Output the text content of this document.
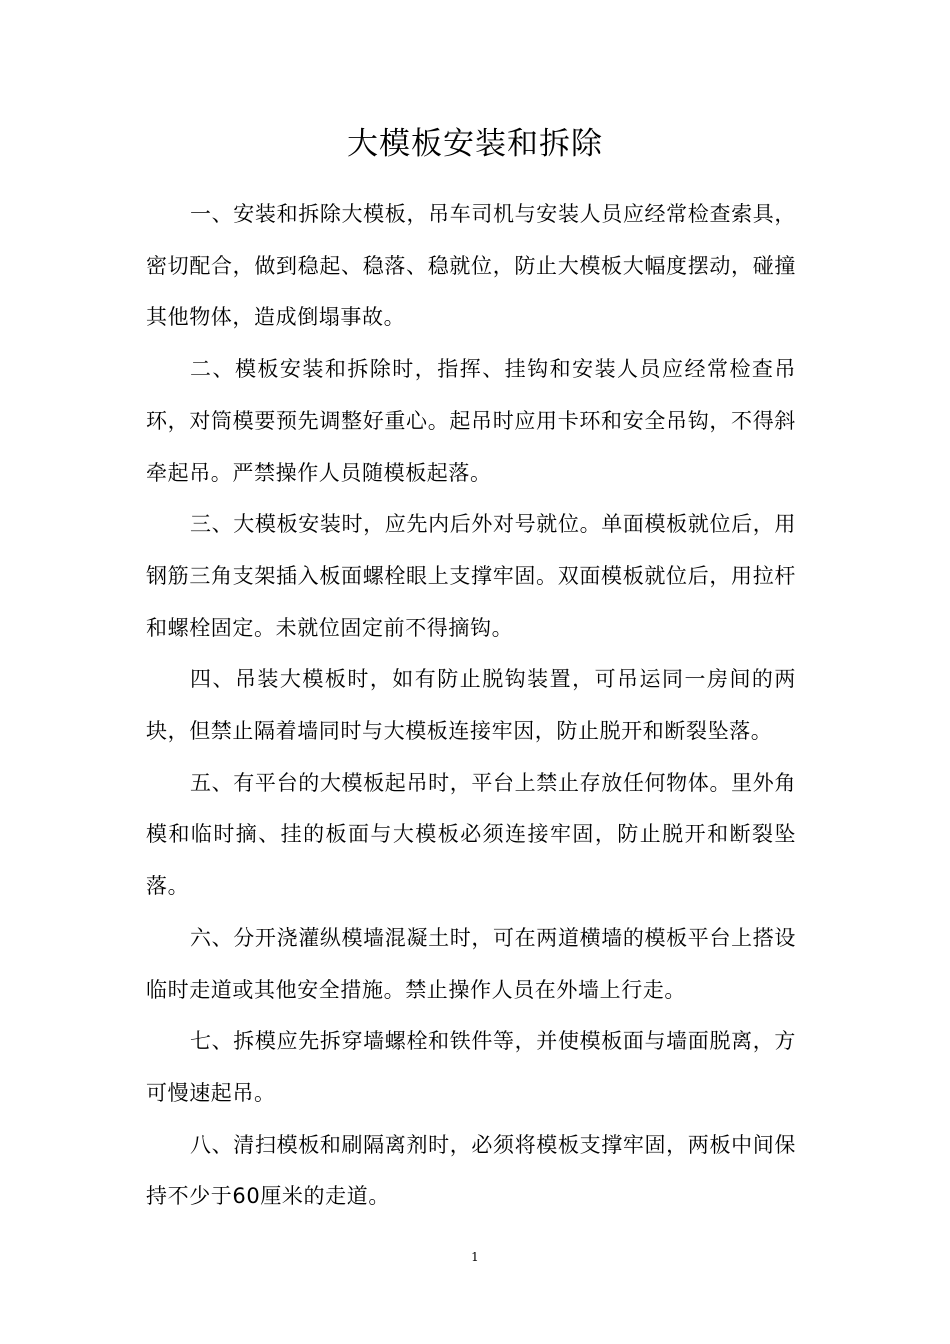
大模板安装和拆除

一、安装和拆除大模板，吊车司机与安装人员应经常检查索具，密切配合，做到稳起、稳落、稳就位，防止大模板大幅度摆动，碰撞其他物体，造成倒塌事故。

二、模板安装和拆除时，指挥、挂钩和安装人员应经常检查吊环，对筒模要预先调整好重心。起吊时应用卡环和安全吊钩，不得斜牵起吊。严禁操作人员随模板起落。

三、大模板安装时，应先内后外对号就位。单面模板就位后，用钢筋三角支架插入板面螺栓眼上支撑牢固。双面模板就位后，用拉杆和螺栓固定。未就位固定前不得摘钩。

四、吊装大模板时，如有防止脱钩装置，可吊运同一房间的两块，但禁止隔着墙同时与大模板连接牢因，防止脱开和断裂坠落。

五、有平台的大模板起吊时，平台上禁止存放任何物体。里外角模和临时摘、挂的板面与大模板必须连接牢固，防止脱开和断裂坠落。

六、分开浇灌纵模墙混凝土时，可在两道横墙的模板平台上搭设临时走道或其他安全措施。禁止操作人员在外墙上行走。

七、拆模应先拆穿墙螺栓和铁件等，并使模板面与墙面脱离，方可慢速起吊。

八、清扫模板和刷隔离剂时，必须将模板支撑牢固，两板中间保持不少于60厘米的走道。

1
